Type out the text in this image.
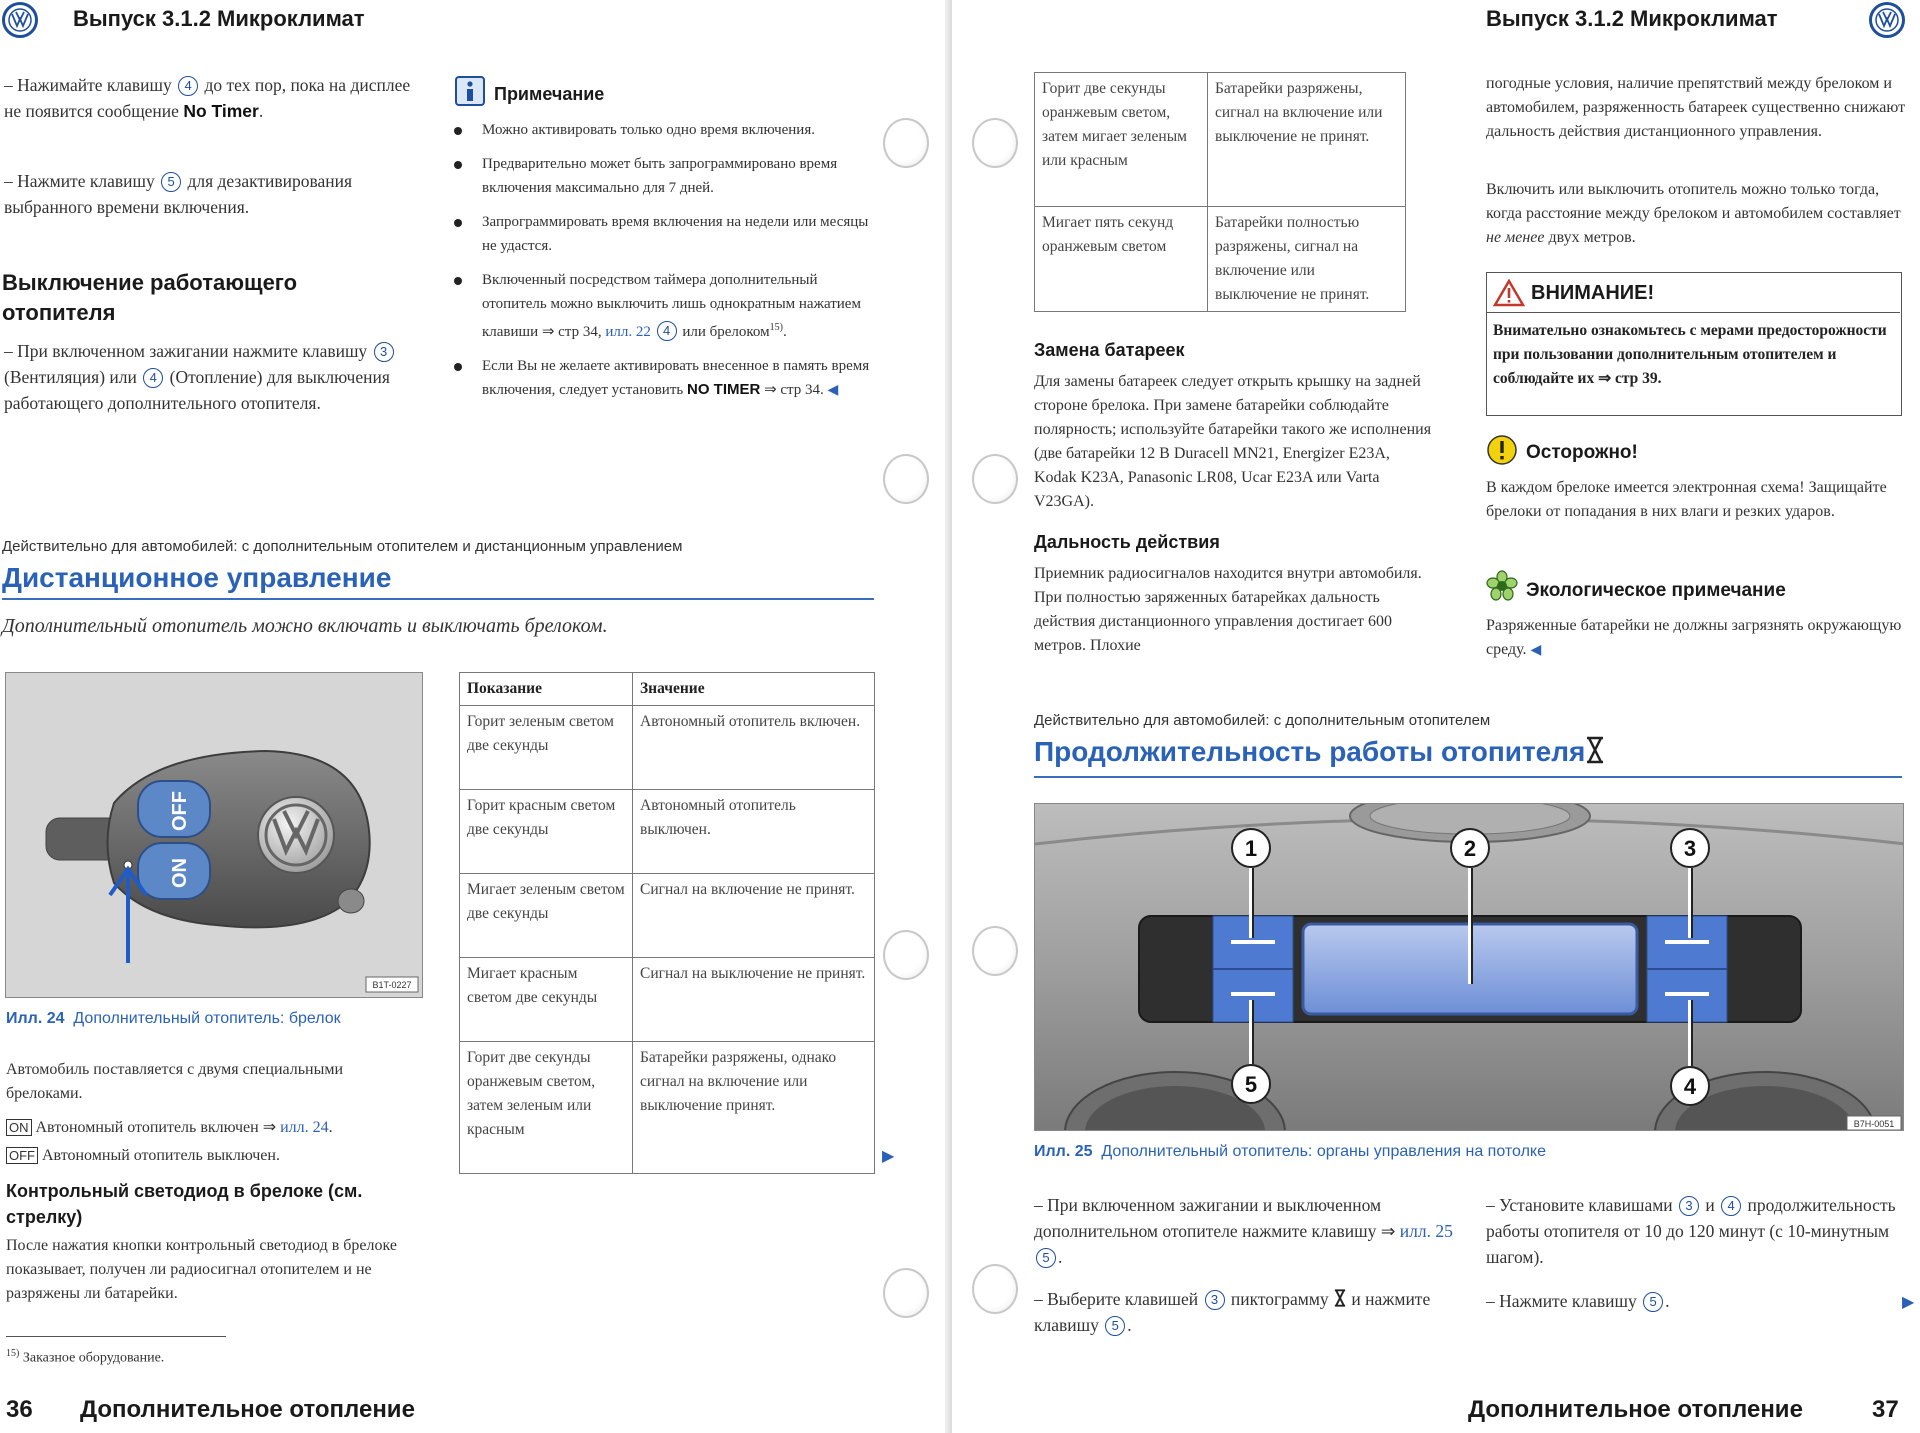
Выпуск 3.1.2 Микроклимат
– Нажимайте клавишу 4 до тех пор, пока на дисплее не появится сообщение No Timer.
– Нажмите клавишу 5 для дезактивирования выбранного времени включения.
Выключение работающего отопителя
– При включенном зажигании нажмите клавишу 3 (Вентиляция) или 4 (Отопление) для выключения работающего дополнительного отопителя.
Примечание
Можно активировать только одно время включения.
Предварительно может быть запрограммировано время включения максимально для 7 дней.
Запрограммировать время включения на недели или месяцы не удастся.
Включенный посредством таймера дополнительный отопитель можно выключить лишь однократным нажатием клавиши ⇒ стр 34, илл. 22 4 или брелоком$^{15)}$.
Если Вы не желаете активировать внесенное в память время включения, следует установить NO TIMER ⇒ стр 34. ◀
Действительно для автомобилей: с дополнительным отопителем и дистанционным управлением
Дистанционное управление
Дополнительный отопитель можно включать и выключать брелоком.
OFF
ON
B1T-0227
Илл. 24 Дополнительный отопитель: брелок
Автомобиль поставляется с двумя специальными брелоками.
ON Автономный отопитель включен ⇒ илл. 24.
OFF Автономный отопитель выключен.
Контрольный светодиод в брелоке (см. стрелку)
После нажатия кнопки контрольный светодиод в брелоке показывает, получен ли радиосигнал отопителем и не разряжены ли батарейки.
$^{15)}$ Заказное оборудование.
Показание	Значение
Горит зеленым светом две секунды	Автономный отопитель включен.
Горит красным светом две секунды	Автономный отопитель выключен.
Мигает зеленым светом две секунды	Сигнал на включение не принят.
Мигает красным светом две секунды	Сигнал на выключение не принят.
Горит две секунды оранжевым светом, затем зеленым или красным	Батарейки разряжены, однако сигнал на включение или выключение принят.
▶
36 Дополнительное отопление
Выпуск 3.1.2 Микроклимат
Горит две секунды оранжевым светом, затем мигает зеленым или красным	Батарейки разряжены, сигнал на включение или выключение не принят.
Мигает пять секунд оранжевым светом	Батарейки полностью разряжены, сигнал на включение или выключение не принят.
Замена батареек
Для замены батареек следует открыть крышку на задней стороне брелока. При замене батарейки соблюдайте полярность; используйте батарейки такого же исполнения (две батарейки 12 В Duracell MN21, Energizer E23A, Kodak K23A, Panasonic LR08, Ucar E23A или Varta V23GA).
Дальность действия
Приемник радиосигналов находится внутри автомобиля. При полностью заряженных батарейках дальность действия дистанционного управления достигает 600 метров. Плохие
погодные условия, наличие препятствий между брелоком и автомобилем, разряженность батареек существенно снижают дальность действия дистанционного управления.
Включить или выключить отопитель можно только тогда, когда расстояние между брелоком и автомобилем составляет не менее двух метров.
ВНИМАНИЕ!
Внимательно ознакомьтесь с мерами предосторожности при пользовании дополнительным отопителем и соблюдайте их ⇒ стр 39.
Осторожно!
В каждом брелоке имеется электронная схема! Защищайте брелоки от попадания в них влаги и резких ударов.
Экологическое примечание
Разряженные батарейки не должны загрязнять окружающую среду. ◀
Действительно для автомобилей: с дополнительным отопителем
Продолжительность работы отопителя
1	2	3
4
5
B7H-0051
Илл. 25 Дополнительный отопитель: органы управления на потолке
– При включенном зажигании и выключенном дополнительном отопителе нажмите клавишу ⇒ илл. 25 5 .
– Выберите клавишей 3 пиктограмму и нажмите клавишу 5 .
– Установите клавишами 3 и 4 продолжительность работы отопителя от 10 до 120 минут (с 10-минутным шагом).
– Нажмите клавишу 5 .	▶
Дополнительное отопление	37
